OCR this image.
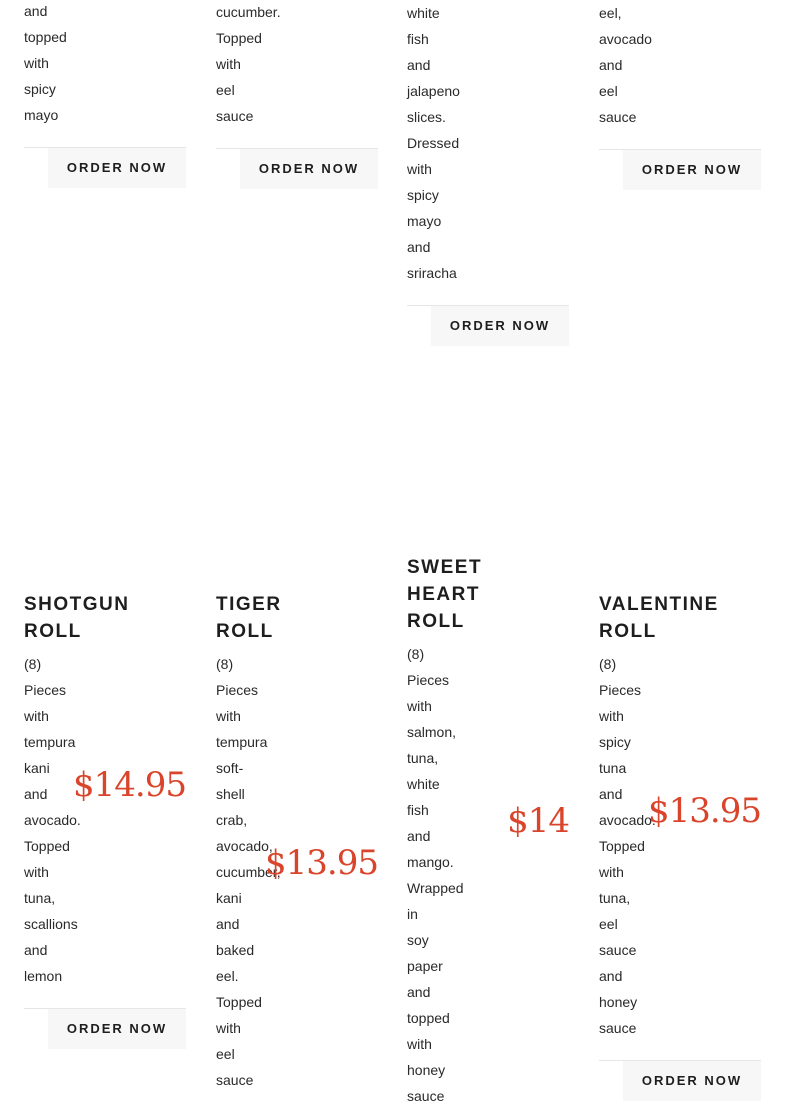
and
topped
with
spicy
mayo
ORDER NOW
cucumber.
Topped
with
eel
sauce
ORDER NOW
white
fish
and
jalapeno
slices.
Dressed
with
spicy
mayo
and
sriracha
ORDER NOW
eel,
avocado
and
eel
sauce
ORDER NOW
SHOTGUN
ROLL
(8)
Pieces
with
tempura
kani
and
avocado.
Topped
with
tuna,
scallions
and
lemon
$14.95
ORDER NOW
TIGER
ROLL
(8)
Pieces
with
tempura
soft-
shell
crab,
avocado,
cucumber,
kani
and
baked
eel.
Topped
with
eel
sauce
$13.95
SWEET
HEART
ROLL
(8)
Pieces
with
salmon,
tuna,
white
fish
and
mango.
Wrapped
in
soy
paper
and
topped
with
honey
sauce
$14
VALENTINE
ROLL
(8)
Pieces
with
spicy
tuna
and
avocado.
Topped
with
tuna,
eel
sauce
and
honey
sauce
$13.95
ORDER NOW
